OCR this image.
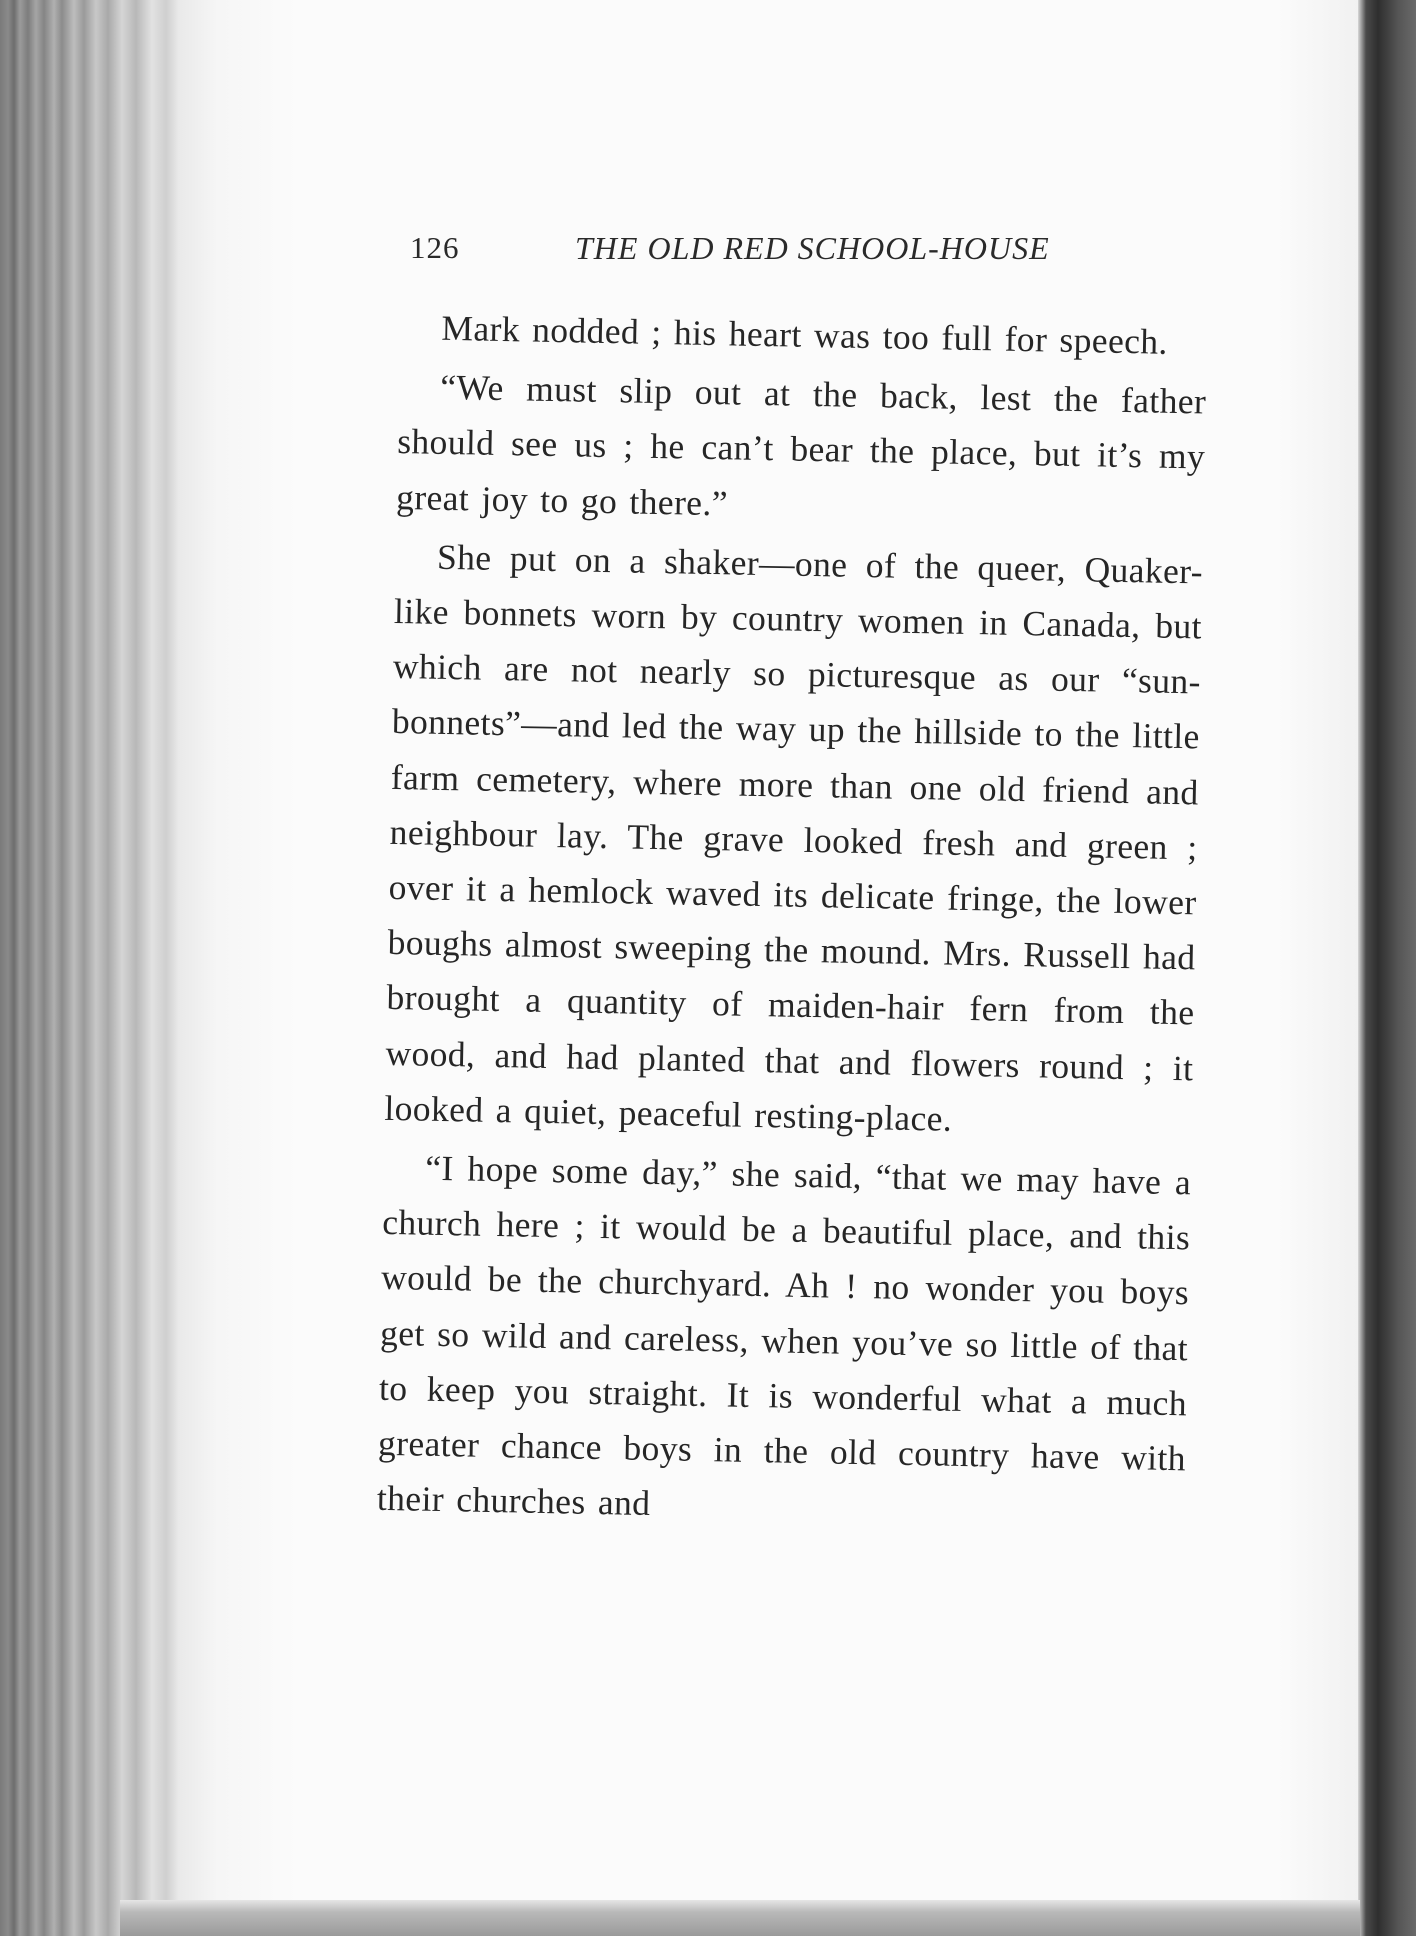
126	THE OLD RED SCHOOL-HOUSE

Mark nodded ; his heart was too full for speech.

“We must slip out at the back, lest the father should see us ; he can’t bear the place, but it’s my great joy to go there.”

She put on a shaker—one of the queer, Quaker-like bonnets worn by country women in Canada, but which are not nearly so picturesque as our “sun-bonnets”—and led the way up the hillside to the little farm cemetery, where more than one old friend and neighbour lay. The grave looked fresh and green ; over it a hemlock waved its delicate fringe, the lower boughs almost sweeping the mound. Mrs. Russell had brought a quantity of maiden-hair fern from the wood, and had planted that and flowers round ; it looked a quiet, peaceful resting-place.

“I hope some day,” she said, “that we may have a church here ; it would be a beautiful place, and this would be the churchyard. Ah ! no wonder you boys get so wild and careless, when you’ve so little of that to keep you straight. It is wonderful what a much greater chance boys in the old country have with their churches and
